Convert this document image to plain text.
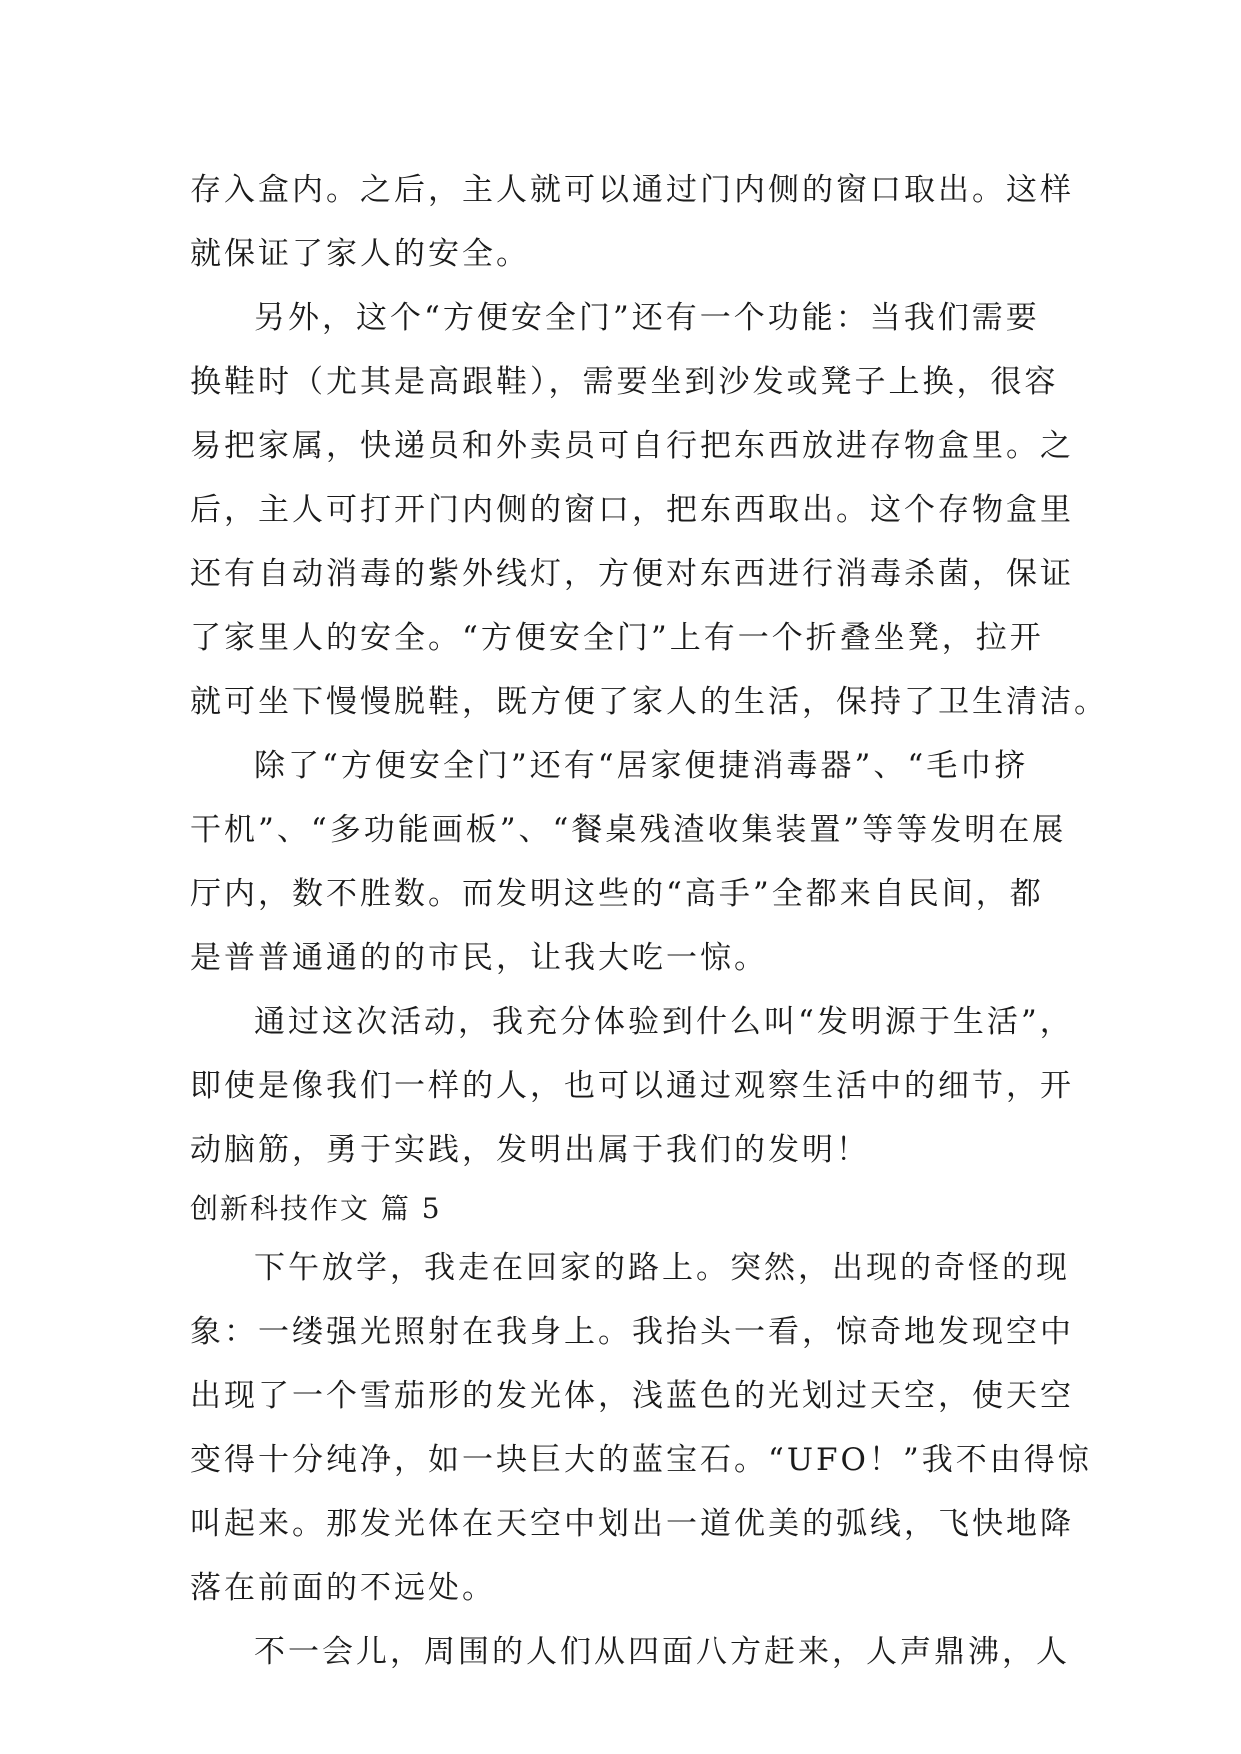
存入盒内。之后，主人就可以通过门内侧的窗口取出。这样
就保证了家人的安全。
另外，这个“方便安全门”还有一个功能：当我们需要
换鞋时（尤其是高跟鞋），需要坐到沙发或凳子上换，很容
易把家属，快递员和外卖员可自行把东西放进存物盒里。之
后，主人可打开门内侧的窗口，把东西取出。这个存物盒里
还有自动消毒的紫外线灯，方便对东西进行消毒杀菌，保证
了家里人的安全。“方便安全门”上有一个折叠坐凳，拉开
就可坐下慢慢脱鞋，既方便了家人的生活，保持了卫生清洁。
除了“方便安全门”还有“居家便捷消毒器”、“毛巾挤
干机”、“多功能画板”、“餐桌残渣收集装置”等等发明在展
厅内，数不胜数。而发明这些的“高手”全都来自民间，都
是普普通通的的市民，让我大吃一惊。
通过这次活动，我充分体验到什么叫“发明源于生活”，
即使是像我们一样的人，也可以通过观察生活中的细节，开
动脑筋，勇于实践，发明出属于我们的发明！
创新科技作文 篇 5
下午放学，我走在回家的路上。突然，出现的奇怪的现
象：一缕强光照射在我身上。我抬头一看，惊奇地发现空中
出现了一个雪茄形的发光体，浅蓝色的光划过天空，使天空
变得十分纯净，如一块巨大的蓝宝石。“UFO！”我不由得惊
叫起来。那发光体在天空中划出一道优美的弧线，飞快地降
落在前面的不远处。
不一会儿，周围的人们从四面八方赶来，人声鼎沸，人
